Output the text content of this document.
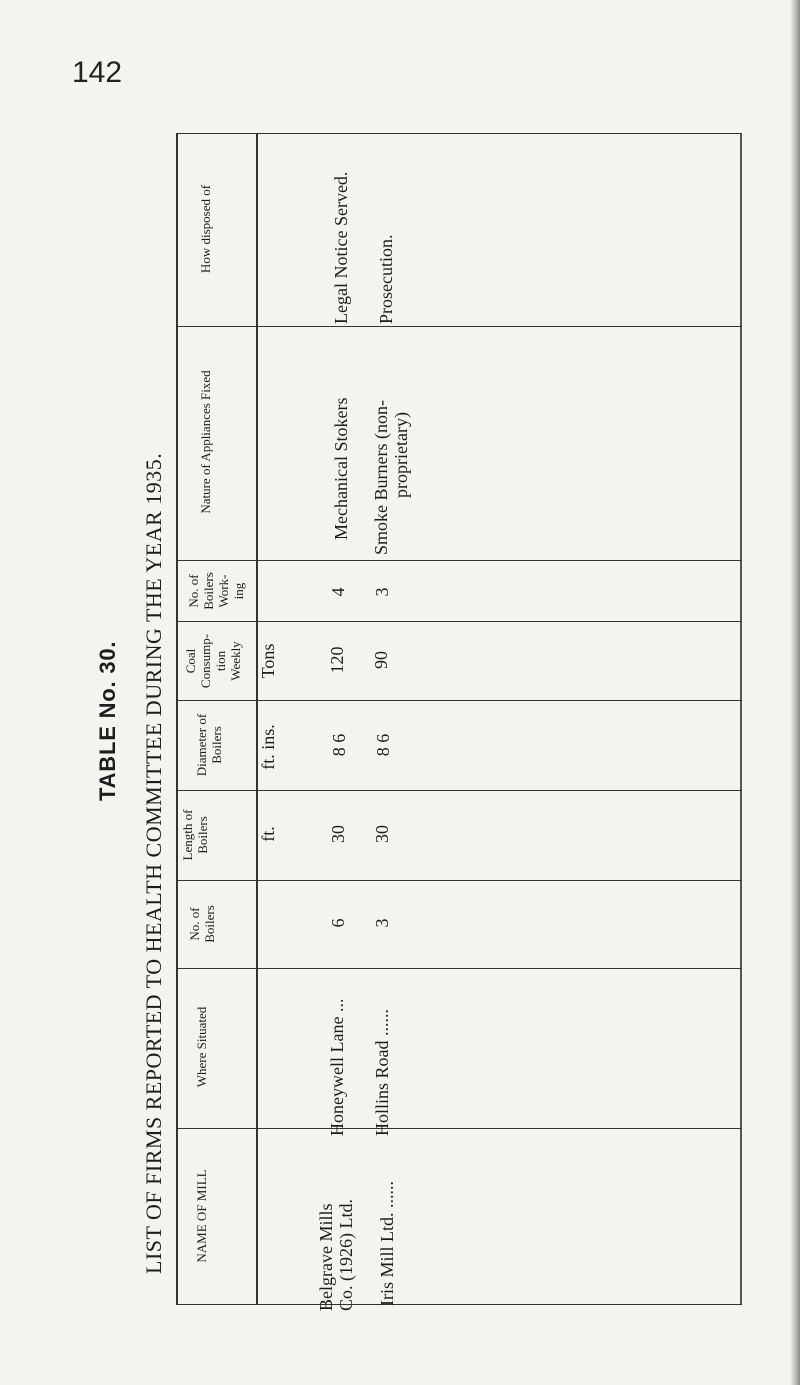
142
TABLE No. 30. LIST OF FIRMS REPORTED TO HEALTH COMMITTEE DURING THE YEAR 1935. NAME OF MILL
Where Situated
No. of Boilers
Length of Boilers
Diameter of Boilers
Coal Consump- tion Weekly
No. of Boilers Work- ing
Nature of Appliances Fixed
How disposed of
ft.
ft. ins.
Tons
Belgrave Mills Co. (1926) Ltd.
Honeywell Lane ...
6
30
8 6
120
4
Mechanical Stokers
Legal Notice Served.
Iris Mill Ltd. ......
Hollins Road ......
3
30
8 6
90
3
Smoke Burners (non- proprietary)
Prosecution.
